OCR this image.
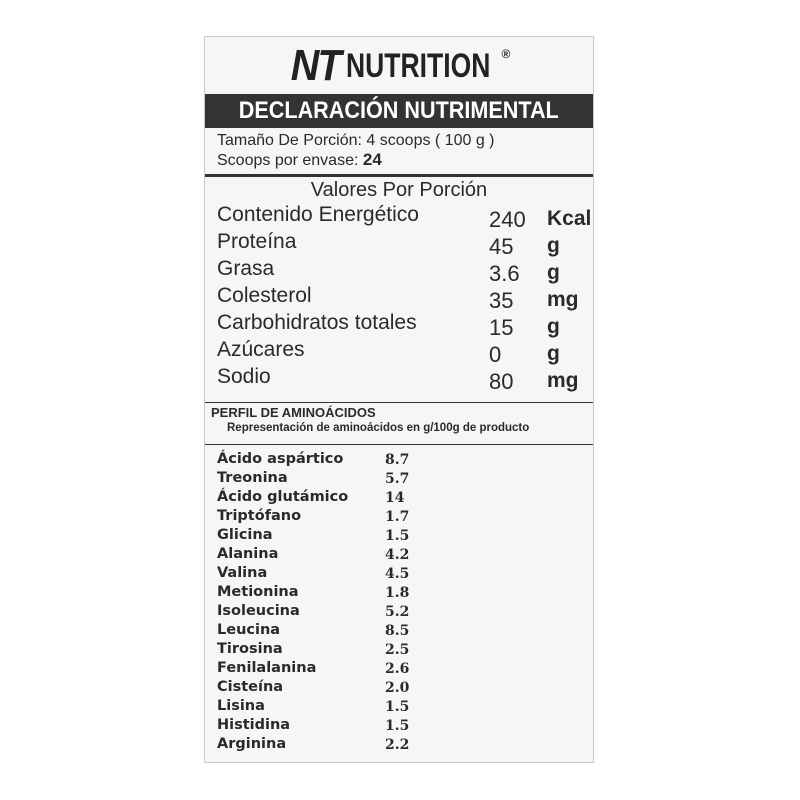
NT NUTRITION ®
DECLARACIÓN NUTRIMENTAL
Tamaño De Porción: 4 scoops ( 100 g )
Scoops por envase: 24
Valores Por Porción
Contenido Energético	240 Kcal
Proteína	45 g
Grasa	3.6 g
Colesterol	35 mg
Carbohidratos totales	15 g
Azúcares	0 g
Sodio	80 mg
PERFIL DE AMINOÁCIDOS
Representación de aminoácidos en g/100g de producto
Ácido aspártico	8.7
Treonina	5.7
Ácido glutámico	14
Triptófano	1.7
Glicina	1.5
Alanina	4.2
Valina	4.5
Metionina	1.8
Isoleucina	5.2
Leucina	8.5
Tirosina	2.5
Fenilalanina	2.6
Cisteína	2.0
Lisina	1.5
Histidina	1.5
Arginina	2.2
